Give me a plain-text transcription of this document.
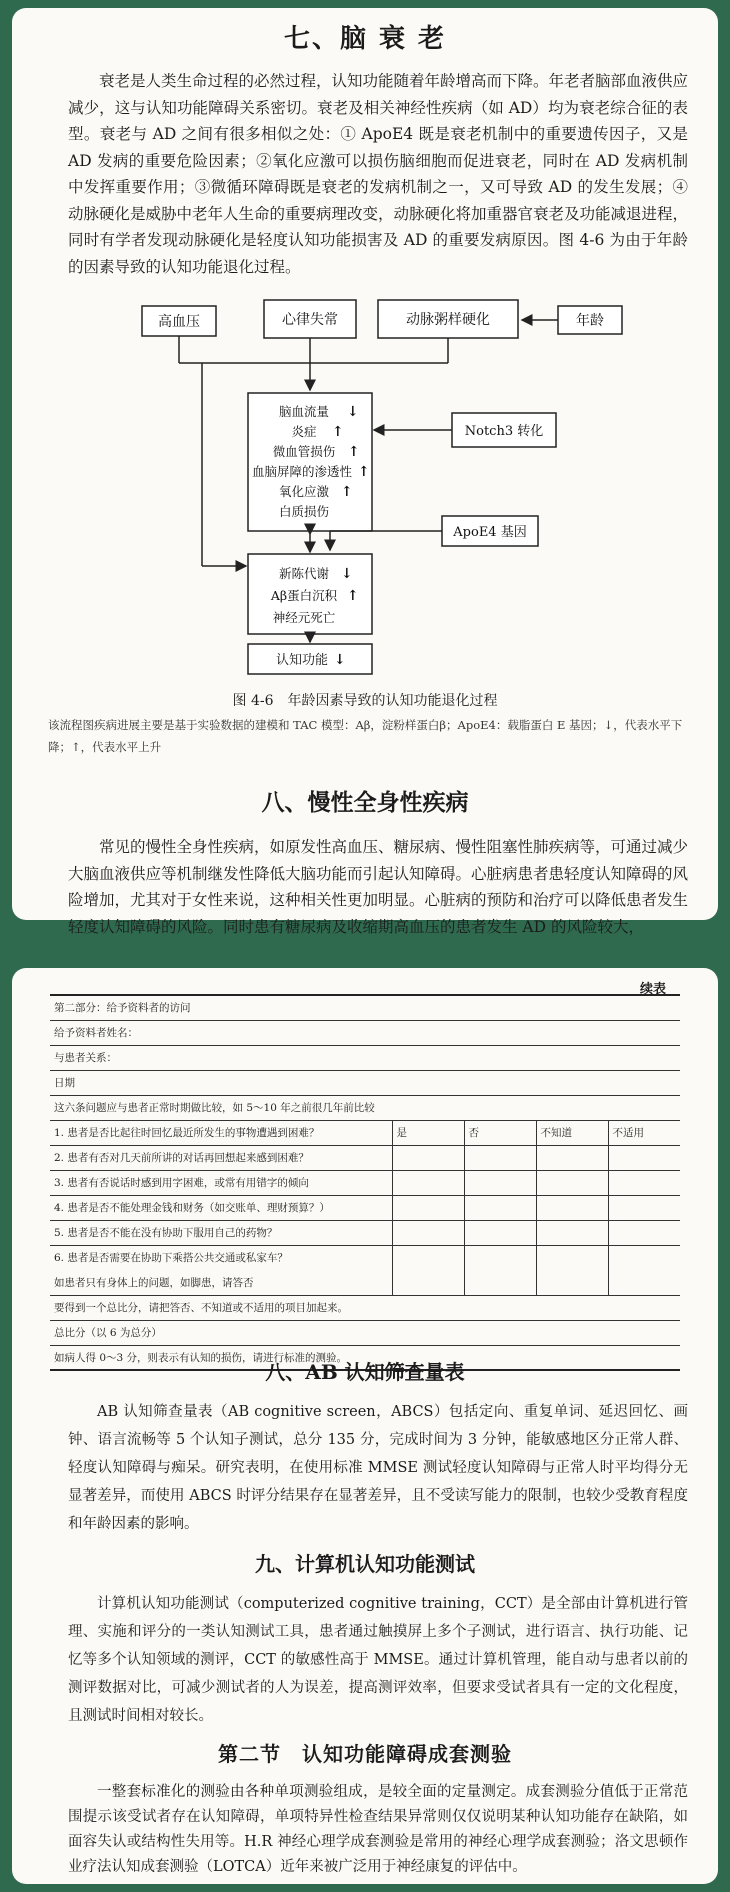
七、脑 衰 老

衰老是人类生命过程的必然过程，认知功能随着年龄增高而下降。年老者脑部血液供应减少，这与认知功能障碍关系密切。衰老及相关神经性疾病（如 AD）均为衰老综合征的表型。衰老与 AD 之间有很多相似之处：① ApoE4 既是衰老机制中的重要遗传因子，又是 AD 发病的重要危险因素；②氧化应激可以损伤脑细胞而促进衰老，同时在 AD 发病机制中发挥重要作用；③微循环障碍既是衰老的发病机制之一，又可导致 AD 的发生发展；④动脉硬化是威胁中老年人生命的重要病理改变，动脉硬化将加重器官衰老及功能减退进程，同时有学者发现动脉硬化是轻度认知功能损害及 AD 的重要发病原因。图 4-6 为由于年龄的因素导致的认知功能退化过程。

高血压	心律失常	动脉粥样硬化	年龄
Notch3 转化
ApoE4 基因
脑血流量
炎症
微血管损伤
血脑屏障的渗透性
氧化应激
白质损伤
新陈代谢
Aβ蛋白沉积
神经元死亡
认知功能
↓
↑
↑
↑
↑
↓
↑
↓
图 4-6　年龄因素导致的认知功能退化过程
该流程图疾病进展主要是基于实验数据的建模和 TAC 模型：Aβ，淀粉样蛋白β；ApoE4：载脂蛋白 E 基因；↓，代表水平下降；↑，代表水平上升
八、慢性全身性疾病

常见的慢性全身性疾病，如原发性高血压、糖尿病、慢性阻塞性肺疾病等，可通过减少大脑血液供应等机制继发性降低大脑功能而引起认知障碍。心脏病患者患轻度认知障碍的风险增加，尤其对于女性来说，这种相关性更加明显。心脏病的预防和治疗可以降低患者发生轻度认知障碍的风险。同时患有糖尿病及收缩期高血压的患者发生 AD 的风险较大，

续表
第二部分：给予资料者的访问				
给予资料者姓名：				
与患者关系：				
日期				
这六条问题应与患者正常时期做比较，如 5～10 年之前很几年前比较				
1. 患者是否比起往时回忆最近所发生的事物遭遇到困难？	是	否	不知道	不适用
2. 患者有否对几天前所讲的对话再回想起来感到困难？				
3. 患者有否说话时感到用字困难，或常有用错字的倾向				
4. 患者是否不能处理金钱和财务（如交账单、理财预算？）				
5. 患者是否不能在没有协助下服用自己的药物？				
6. 患者是否需要在协助下乘搭公共交通或私家车？				
如患者只有身体上的问题，如脚患，请答否				
要得到一个总比分，请把答否、不知道或不适用的项目加起来。				
总比分（以 6 为总分）				
如病人得 0～3 分，则表示有认知的损伤，请进行标准的测验。				
八、AB 认知筛查量表

AB 认知筛查量表（AB cognitive screen，ABCS）包括定向、重复单词、延迟回忆、画钟、语言流畅等 5 个认知子测试，总分 135 分，完成时间为 3 分钟，能敏感地区分正常人群、轻度认知障碍与痴呆。研究表明，在使用标准 MMSE 测试轻度认知障碍与正常人时平均得分无显著差异，而使用 ABCS 时评分结果存在显著差异，且不受读写能力的限制，也较少受教育程度和年龄因素的影响。

九、计算机认知功能测试

计算机认知功能测试（computerized cognitive training，CCT）是全部由计算机进行管理、实施和评分的一类认知测试工具，患者通过触摸屏上多个子测试，进行语言、执行功能、记忆等多个认知领域的测评，CCT 的敏感性高于 MMSE。通过计算机管理，能自动与患者以前的测评数据对比，可减少测试者的人为误差，提高测评效率，但要求受试者具有一定的文化程度，且测试时间相对较长。

第二节　认知功能障碍成套测验

一整套标准化的测验由各种单项测验组成，是较全面的定量测定。成套测验分值低于正常范围提示该受试者存在认知障碍，单项特异性检查结果异常则仅仅说明某种认知功能存在缺陷，如面容失认或结构性失用等。H.R 神经心理学成套测验是常用的神经心理学成套测验；洛文思顿作业疗法认知成套测验（LOTCA）近年来被广泛用于神经康复的评估中。
